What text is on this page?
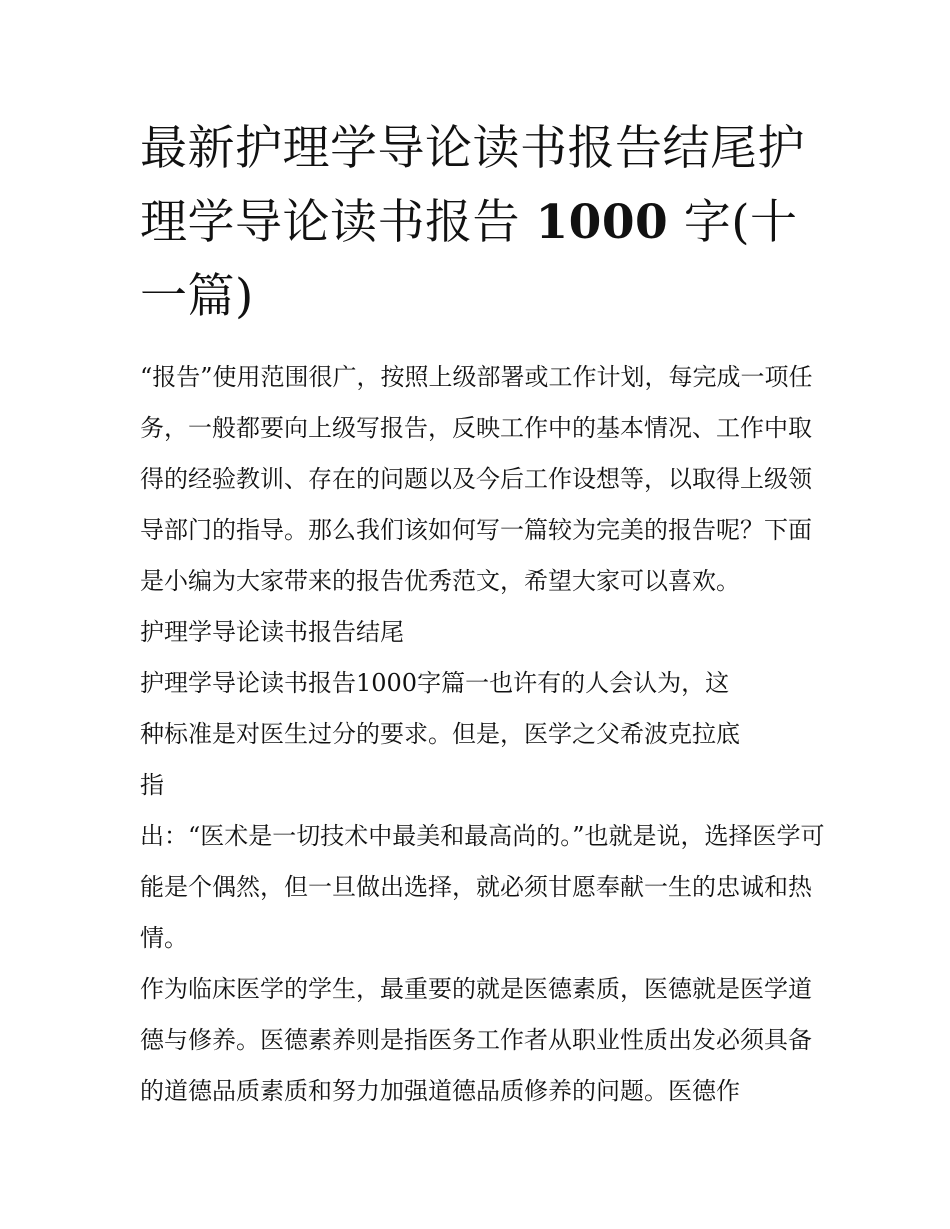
最新护理学导论读书报告结尾护理学导论读书报告 1000 字(十一篇)

“报告”使用范围很广，按照上级部署或工作计划，每完成一项任务，一般都要向上级写报告，反映工作中的基本情况、工作中取得的经验教训、存在的问题以及今后工作设想等，以取得上级领导部门的指导。那么我们该如何写一篇较为完美的报告呢？下面是小编为大家带来的报告优秀范文，希望大家可以喜欢。

护理学导论读书报告结尾

护理学导论读书报告1000字篇一也许有的人会认为，这种标准是对医生过分的要求。但是，医学之父希波克拉底指

出：“医术是一切技术中最美和最高尚的。”也就是说，选择医学可能是个偶然，但一旦做出选择，就必须甘愿奉献一生的忠诚和热情。

作为临床医学的学生，最重要的就是医德素质，医德就是医学道德与修养。医德素养则是指医务工作者从职业性质出发必须具备的道德品质素质和努力加强道德品质修养的问题。医德作
